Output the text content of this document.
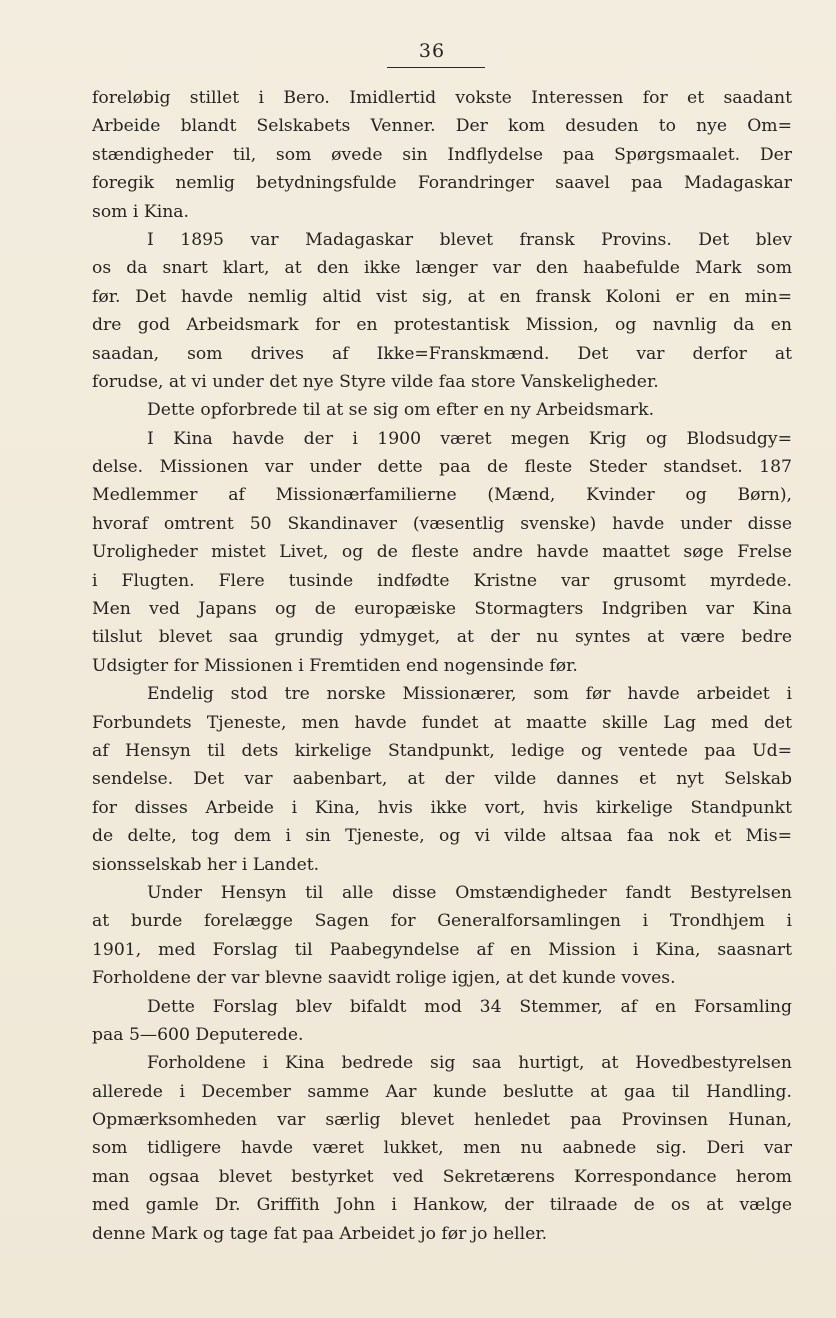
36
foreløbig stillet i Bero. Imidlertid vokste Interessen for et saadant
Arbeide blandt Selskabets Venner. Der kom desuden to nye Om=
stændigheder til, som øvede sin Indflydelse paa Spørgsmaalet. Der
foregik nemlig betydningsfulde Forandringer saavel paa Madagaskar
som i Kina.
I 1895 var Madagaskar blevet fransk Provins. Det blev
os da snart klart, at den ikke længer var den haabefulde Mark som
før. Det havde nemlig altid vist sig, at en fransk Koloni er en min=
dre god Arbeidsmark for en protestantisk Mission, og navnlig da en
saadan, som drives af Ikke=Franskmænd. Det var derfor at
forudse, at vi under det nye Styre vilde faa store Vanskeligheder.
Dette opforbrede til at se sig om efter en ny Arbeidsmark.
I Kina havde der i 1900 været megen Krig og Blodsudgy=
delse. Missionen var under dette paa de fleste Steder standset. 187
Medlemmer af Missionærfamilierne (Mænd, Kvinder og Børn),
hvoraf omtrent 50 Skandinaver (væsentlig svenske) havde under disse
Uroligheder mistet Livet, og de fleste andre havde maattet søge Frelse
i Flugten. Flere tusinde indfødte Kristne var grusomt myrdede.
Men ved Japans og de europæiske Stormagters Indgriben var Kina
tilslut blevet saa grundig ydmyget, at der nu syntes at være bedre
Udsigter for Missionen i Fremtiden end nogensinde før.
Endelig stod tre norske Missionærer, som før havde arbeidet i
Forbundets Tjeneste, men havde fundet at maatte skille Lag med det
af Hensyn til dets kirkelige Standpunkt, ledige og ventede paa Ud=
sendelse. Det var aabenbart, at der vilde dannes et nyt Selskab
for disses Arbeide i Kina, hvis ikke vort, hvis kirkelige Standpunkt
de delte, tog dem i sin Tjeneste, og vi vilde altsaa faa nok et Mis=
sionsselskab her i Landet.
Under Hensyn til alle disse Omstændigheder fandt Bestyrelsen
at burde forelægge Sagen for Generalforsamlingen i Trondhjem i
1901, med Forslag til Paabegyndelse af en Mission i Kina, saasnart
Forholdene der var blevne saavidt rolige igjen, at det kunde voves.
Dette Forslag blev bifaldt mod 34 Stemmer, af en Forsamling
paa 5—600 Deputerede.
Forholdene i Kina bedrede sig saa hurtigt, at Hovedbestyrelsen
allerede i December samme Aar kunde beslutte at gaa til Handling.
Opmærksomheden var særlig blevet henledet paa Provinsen Hunan,
som tidligere havde været lukket, men nu aabnede sig. Deri var
man ogsaa blevet bestyrket ved Sekretærens Korrespondance herom
med gamle Dr. Griffith John i Hankow, der tilraade de os at vælge
denne Mark og tage fat paa Arbeidet jo før jo heller.
